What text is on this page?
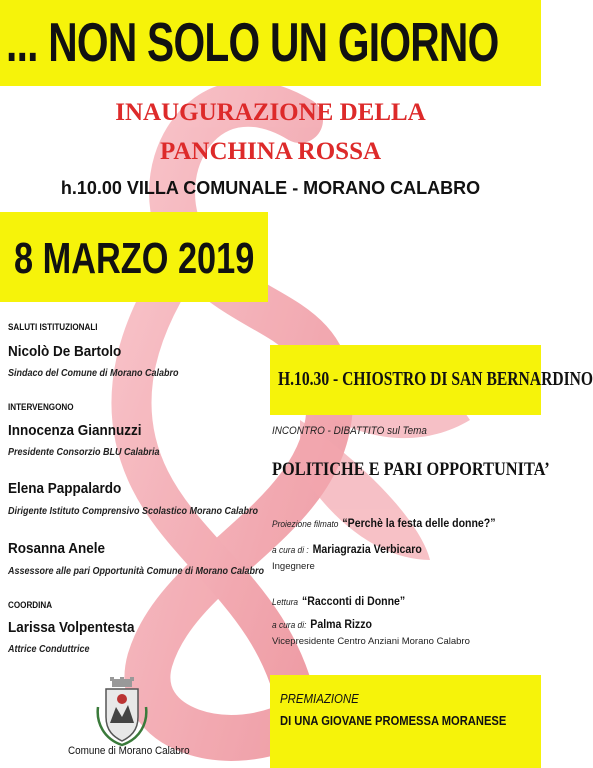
... NON SOLO UN GIORNO
INAUGURAZIONE DELLA
PANCHINA ROSSA
h.10.00 VILLA COMUNALE - MORANO CALABRO
8 MARZO 2019
SALUTI ISTITUZIONALI
Nicolò De Bartolo
Sindaco del Comune di Morano Calabro
INTERVENGONO
Innocenza Giannuzzi
Presidente Consorzio BLU Calabria
Elena Pappalardo
Dirigente Istituto Comprensivo Scolastico Morano Calabro
Rosanna Anele
Assessore alle pari Opportunità Comune di Morano Calabro
COORDINA
Larissa Volpentesta
Attrice Conduttrice
Comune di Morano Calabro
H.10.30 - CHIOSTRO DI SAN BERNARDINO
INCONTRO - DIBATTITO sul Tema
POLITICHE E PARI OPPORTUNITA’
Proiezione filmato “Perchè la festa delle donne?”
a cura di : Mariagrazia Verbicaro
Ingegnere
Lettura “Racconti di Donne”
a cura di: Palma Rizzo
Vicepresidente Centro Anziani Morano Calabro
PREMIAZIONE
DI UNA GIOVANE PROMESSA MORANESE
